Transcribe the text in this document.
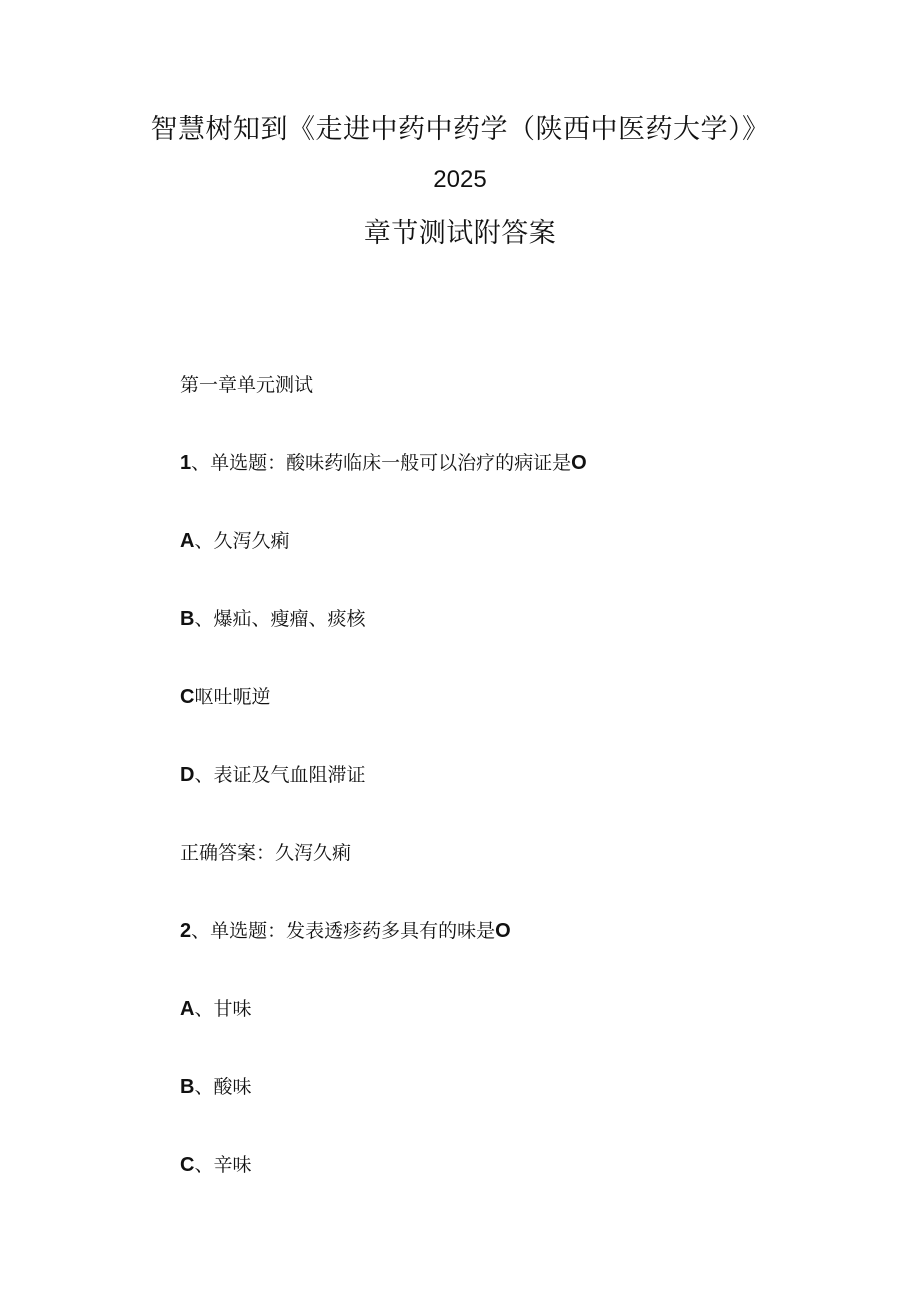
智慧树知到《走进中药中药学（陕西中医药大学）》
2025
章节测试附答案
第一章单元测试
1、单选题：酸味药临床一般可以治疗的病证是O
A、久泻久痢
B、爆疝、瘦瘤、痰核
C呕吐呃逆
D、表证及气血阻滞证
正确答案：久泻久痢
2、单选题：发表透疹药多具有的味是O
A、甘味
B、酸味
C、辛味
